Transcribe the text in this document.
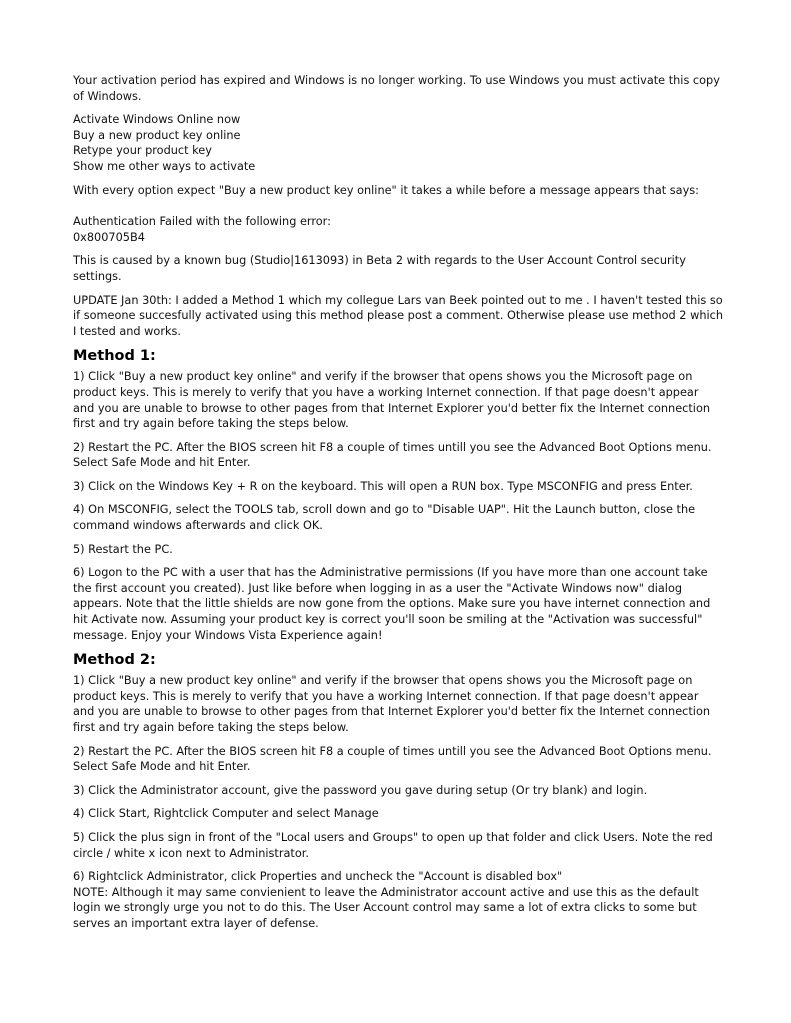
Your activation period has expired and Windows is no longer working. To use Windows you must activate this copy of Windows.

Activate Windows Online now
Buy a new product key online
Retype your product key
Show me other ways to activate

With every option expect "Buy a new product key online" it takes a while before a message appears that says:

Authentication Failed with the following error:
0x800705B4

This is caused by a known bug (Studio|1613093) in Beta 2 with regards to the User Account Control security settings.

UPDATE Jan 30th: I added a Method 1 which my collegue Lars van Beek pointed out to me . I haven't tested this so if someone succesfully activated using this method please post a comment. Otherwise please use method 2 which I tested and works.

Method 1:

1) Click "Buy a new product key online" and verify if the browser that opens shows you the Microsoft page on product keys. This is merely to verify that you have a working Internet connection. If that page doesn't appear and you are unable to browse to other pages from that Internet Explorer you'd better fix the Internet connection first and try again before taking the steps below.

2) Restart the PC. After the BIOS screen hit F8 a couple of times untill you see the Advanced Boot Options menu. Select Safe Mode and hit Enter.

3) Click on the Windows Key + R on the keyboard. This will open a RUN box. Type MSCONFIG and press Enter.

4) On MSCONFIG, select the TOOLS tab, scroll down and go to "Disable UAP". Hit the Launch button, close the command windows afterwards and click OK.

5) Restart the PC.

6) Logon to the PC with a user that has the Administrative permissions (If you have more than one account take the first account you created). Just like before when logging in as a user the "Activate Windows now" dialog appears. Note that the little shields are now gone from the options. Make sure you have internet connection and hit Activate now. Assuming your product key is correct you'll soon be smiling at the "Activation was successful" message. Enjoy your Windows Vista Experience again!

Method 2:

1) Click "Buy a new product key online" and verify if the browser that opens shows you the Microsoft page on product keys. This is merely to verify that you have a working Internet connection. If that page doesn't appear and you are unable to browse to other pages from that Internet Explorer you'd better fix the Internet connection first and try again before taking the steps below.

2) Restart the PC. After the BIOS screen hit F8 a couple of times untill you see the Advanced Boot Options menu. Select Safe Mode and hit Enter.

3) Click the Administrator account, give the password you gave during setup (Or try blank) and login.

4) Click Start, Rightclick Computer and select Manage

5) Click the plus sign in front of the "Local users and Groups" to open up that folder and click Users. Note the red circle / white x icon next to Administrator.

6) Rightclick Administrator, click Properties and uncheck the "Account is disabled box"
NOTE: Although it may same convienient to leave the Administrator account active and use this as the default login we strongly urge you not to do this. The User Account control may same a lot of extra clicks to some but serves an important extra layer of defense.
